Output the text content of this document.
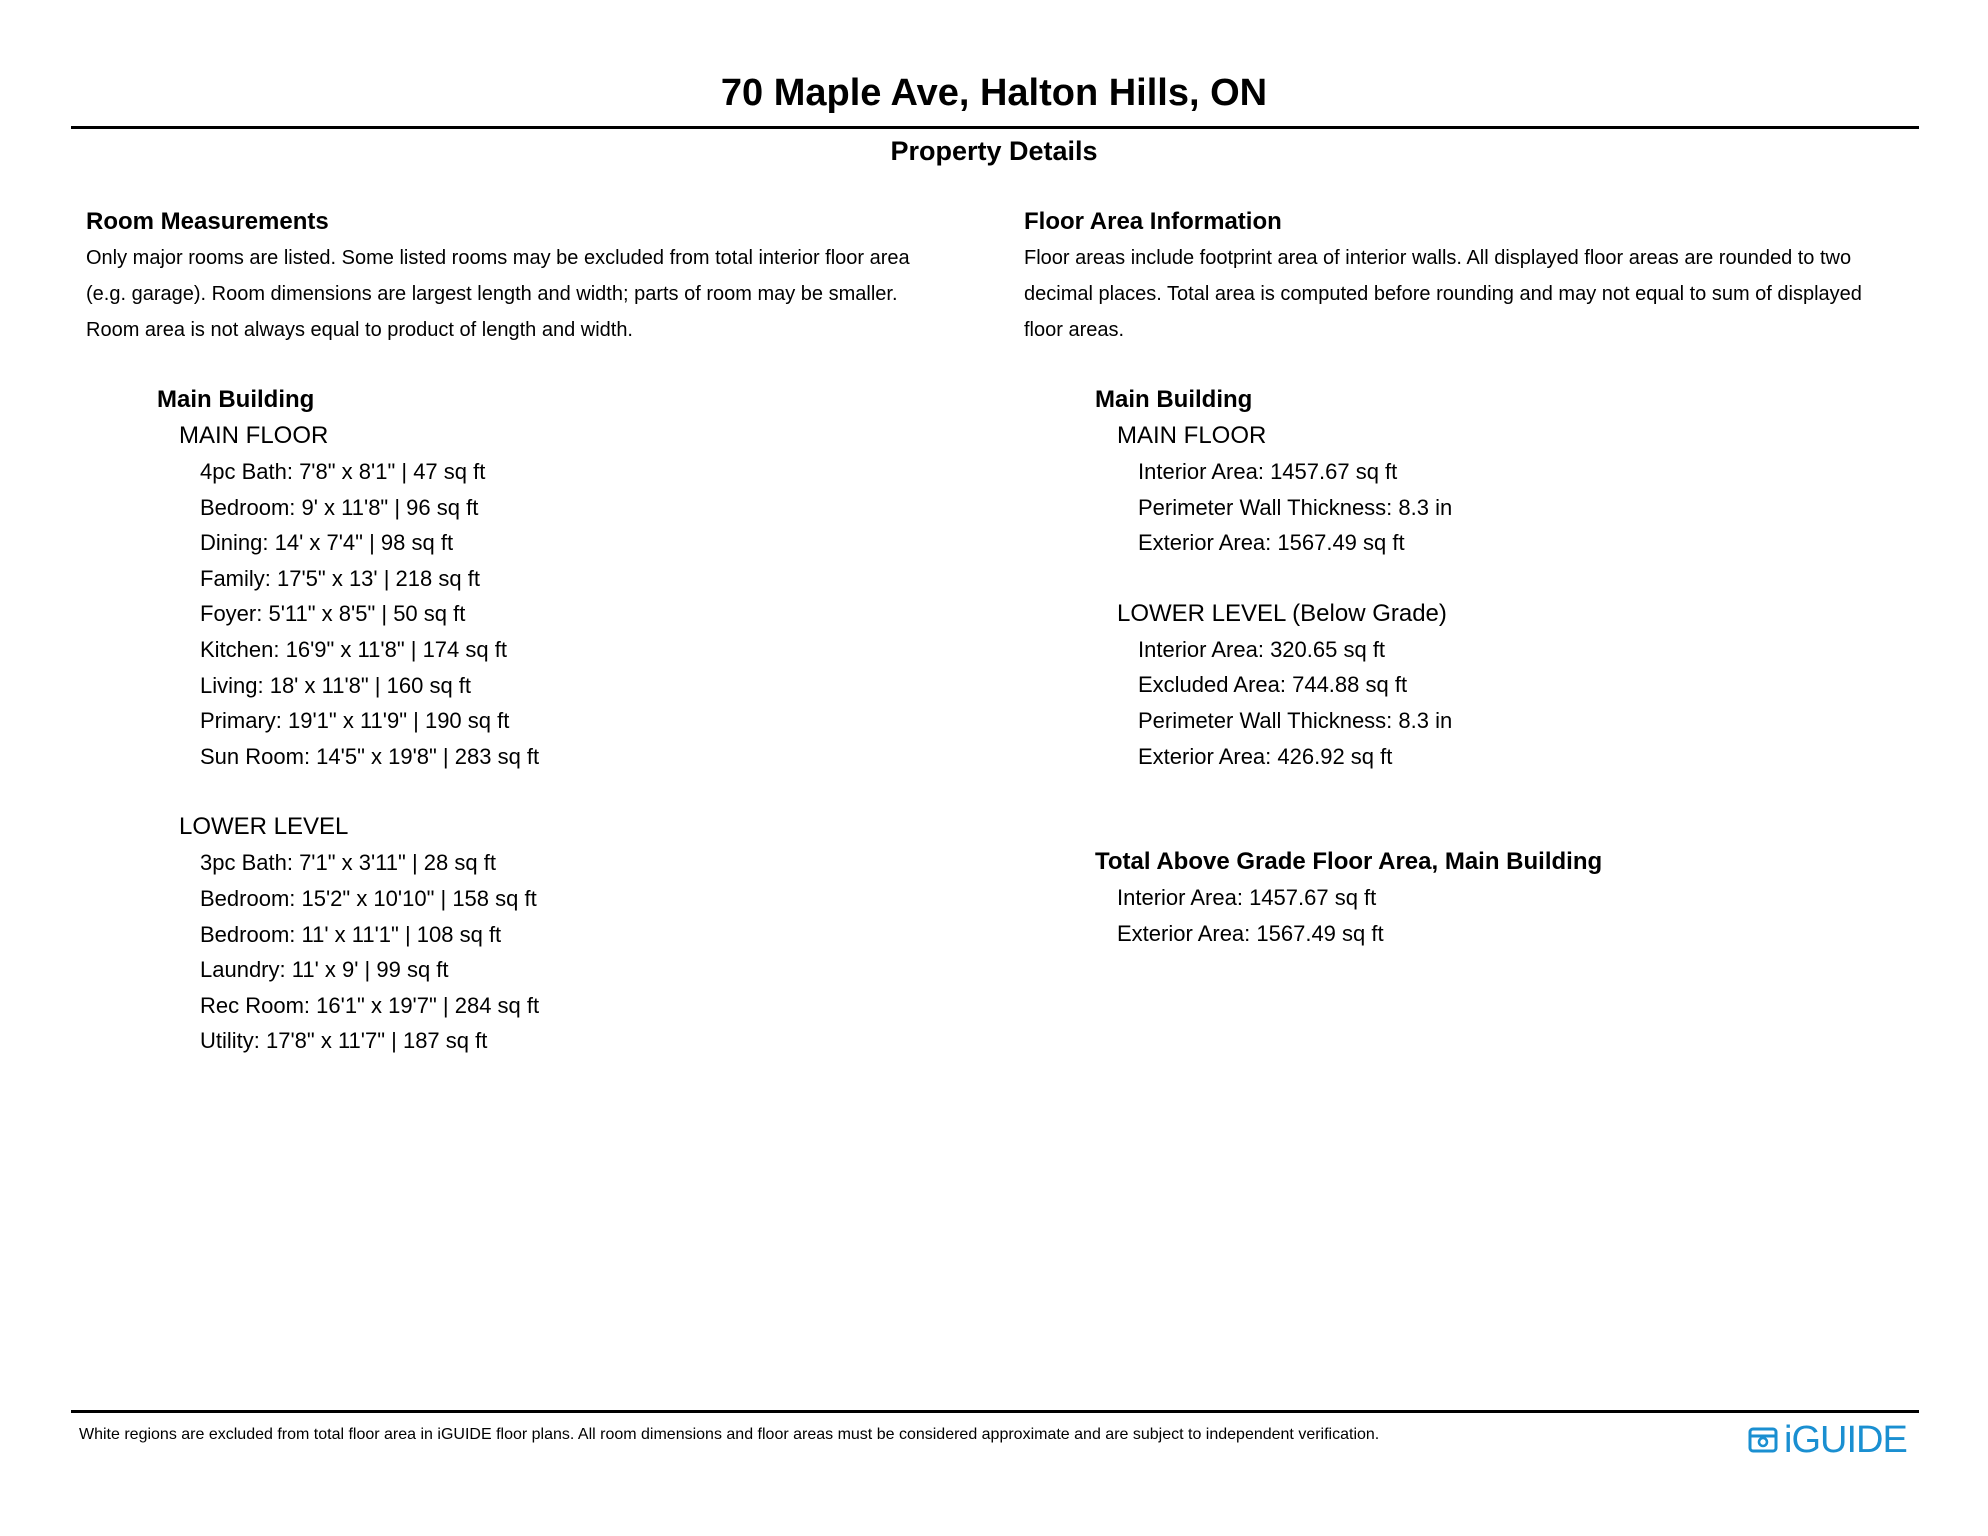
70 Maple Ave, Halton Hills, ON
Property Details
Room Measurements
Only major rooms are listed. Some listed rooms may be excluded from total interior floor area
(e.g. garage). Room dimensions are largest length and width; parts of room may be smaller.
Room area is not always equal to product of length and width.
Main Building
MAIN FLOOR
4pc Bath: 7'8" x 8'1" | 47 sq ft
Bedroom: 9' x 11'8" | 96 sq ft
Dining: 14' x 7'4" | 98 sq ft
Family: 17'5" x 13' | 218 sq ft
Foyer: 5'11" x 8'5" | 50 sq ft
Kitchen: 16'9" x 11'8" | 174 sq ft
Living: 18' x 11'8" | 160 sq ft
Primary: 19'1" x 11'9" | 190 sq ft
Sun Room: 14'5" x 19'8" | 283 sq ft
LOWER LEVEL
3pc Bath: 7'1" x 3'11" | 28 sq ft
Bedroom: 15'2" x 10'10" | 158 sq ft
Bedroom: 11' x 11'1" | 108 sq ft
Laundry: 11' x 9' | 99 sq ft
Rec Room: 16'1" x 19'7" | 284 sq ft
Utility: 17'8" x 11'7" | 187 sq ft
Floor Area Information
Floor areas include footprint area of interior walls. All displayed floor areas are rounded to two
decimal places. Total area is computed before rounding and may not equal to sum of displayed
floor areas.
Main Building
MAIN FLOOR
Interior Area: 1457.67 sq ft
Perimeter Wall Thickness: 8.3 in
Exterior Area: 1567.49 sq ft
LOWER LEVEL (Below Grade)
Interior Area: 320.65 sq ft
Excluded Area: 744.88 sq ft
Perimeter Wall Thickness: 8.3 in
Exterior Area: 426.92 sq ft
Total Above Grade Floor Area, Main Building
Interior Area: 1457.67 sq ft
Exterior Area: 1567.49 sq ft
White regions are excluded from total floor area in iGUIDE floor plans. All room dimensions and floor areas must be considered approximate and are subject to independent verification.	iGUIDE
